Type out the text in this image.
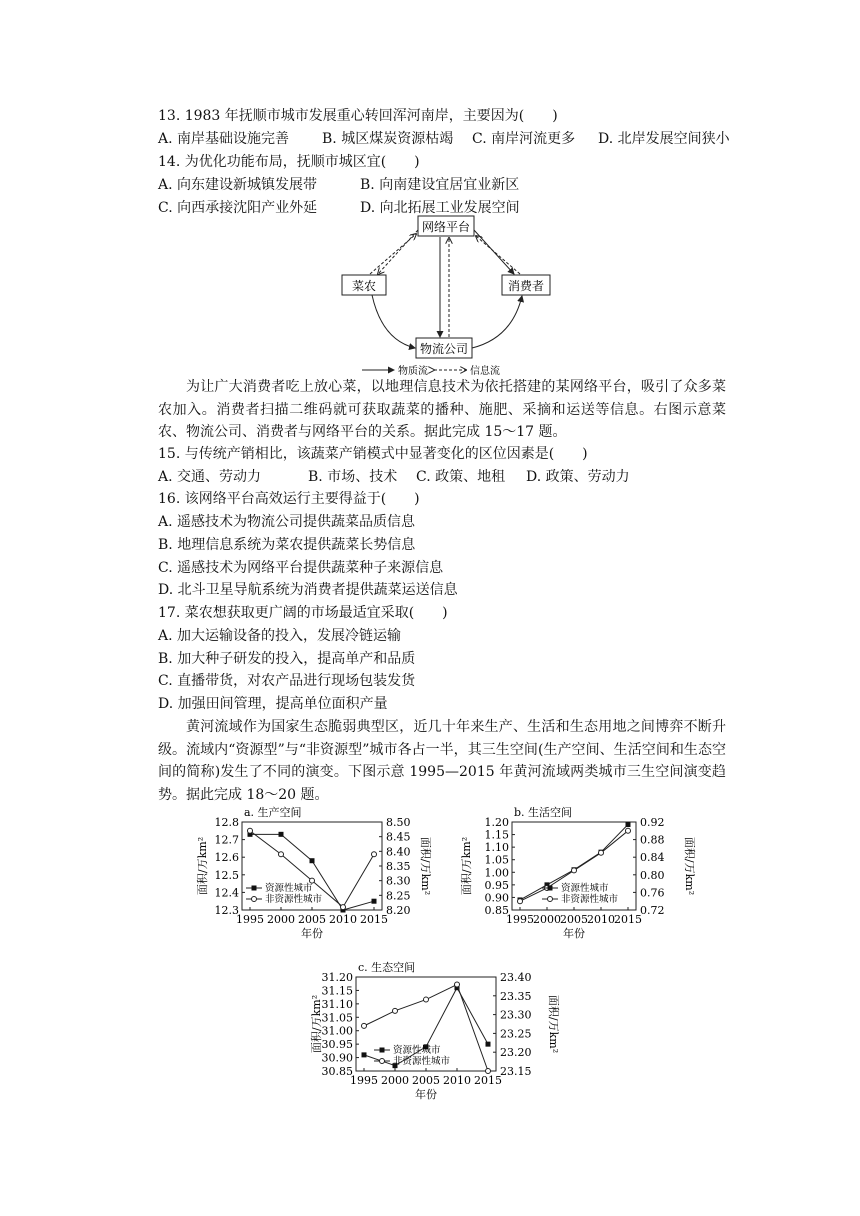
13. 1983 年抚顺市城市发展重心转回浑河南岸，主要因为(　　)
A. 南岸基础设施完善 B. 城区煤炭资源枯竭 C. 南岸河流更多 D. 北岸发展空间狭小
14. 为优化功能布局，抚顺市城区宜(　　)
A. 向东建设新城镇发展带	B. 向南建设宜居宜业新区
C. 向西承接沈阳产业外延	D. 向北拓展工业发展空间
网络平台
菜农	消费者
物流公司
物质流	信息流

为让广大消费者吃上放心菜，以地理信息技术为依托搭建的某网络平台，吸引了众多菜农加入。消费者扫描二维码就可获取蔬菜的播种、施肥、采摘和运送等信息。右图示意菜农、物流公司、消费者与网络平台的关系。据此完成 15～17 题。

15. 与传统产销相比，该蔬菜产销模式中显著变化的区位因素是(　　)
A. 交通、劳动力	B. 市场、技术 C. 政策、地租 D. 政策、劳动力
16. 该网络平台高效运行主要得益于(　　)
A. 遥感技术为物流公司提供蔬菜品质信息
B. 地理信息系统为菜农提供蔬菜长势信息
C. 遥感技术为网络平台提供蔬菜种子来源信息
D. 北斗卫星导航系统为消费者提供蔬菜运送信息
17. 菜农想获取更广阔的市场最适宜采取(　　)
A. 加大运输设备的投入，发展冷链运输
B. 加大种子研发的投入，提高单产和品质
C. 直播带货，对农产品进行现场包装发货
D. 加强田间管理，提高单位面积产量

黄河流域作为国家生态脆弱典型区，近几十年来生产、生活和生态用地之间博弈不断升级。流域内“资源型”与“非资源型”城市各占一半，其三生空间(生产空间、生活空间和生态空间的简称)发生了不同的演变。下图示意 1995—2015 年黄河流域两类城市三生空间演变趋势。据此完成 18～20 题。

a. 生产空间
12.8
12.7
12.6
12.5
12.4
12.3
8.50
8.45
8.40
8.35
8.30
8.25
8.20
1995 2000 2005 2010 2015
年份
面积/万km²	面积/万km²
资源性城市
非资源性城市
b. 生活空间
1.20
1.15
1.10
1.05
1.00
0.95
0.90
0.85
0.92
0.88
0.84
0.80
0.76
0.72
1995 2000 2005 2010 2015
年份
面积/万km²	面积/万km²
资源性城市
非资源性城市
c. 生态空间
31.20
31.15
31.10
31.05
31.00
30.95
30.90
30.85
23.40
23.35
23.30
23.25
23.20
23.15
1995 2000 2005 2010 2015
年份
面积/万km²	面积/万km²
资源性城市
非资源性城市
